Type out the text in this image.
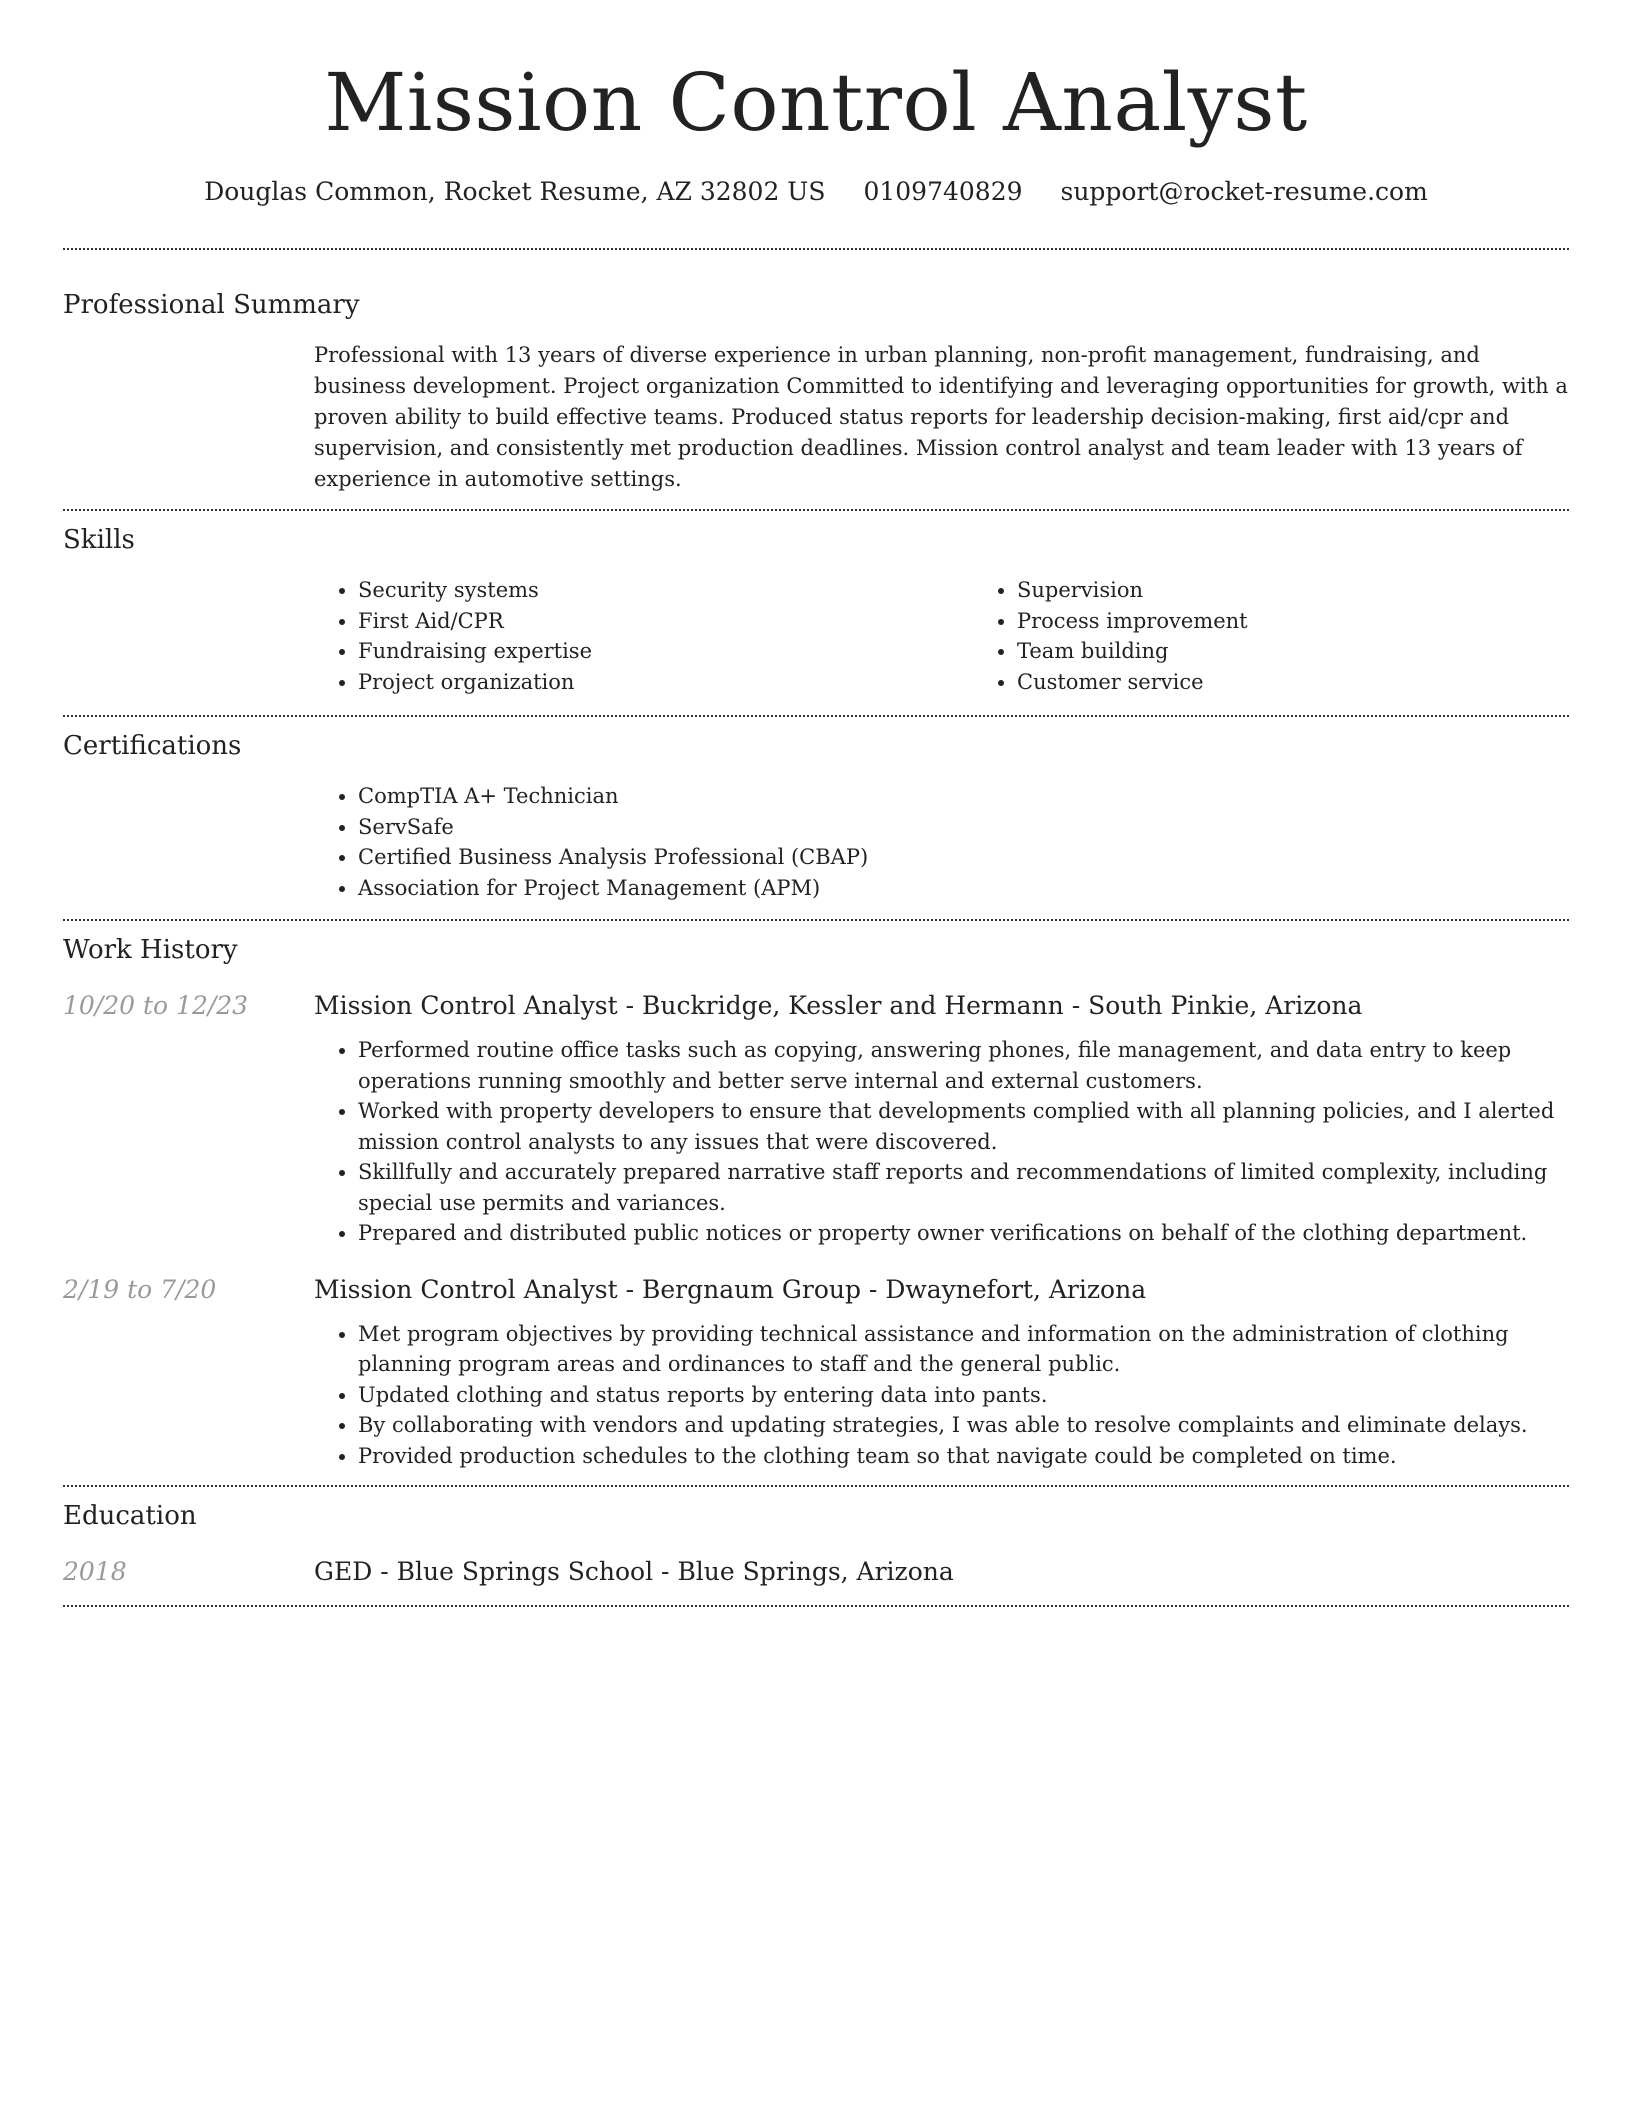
Mission Control Analyst
Douglas Common, Rocket Resume, AZ 32802 US 0109740829 support@rocket-resume.com
Professional Summary

Professional with 13 years of diverse experience in urban planning, non-profit management, fundraising, and business development. Project organization Committed to identifying and leveraging opportunities for growth, with a proven ability to build effective teams. Produced status reports for leadership decision-making, first aid/cpr and supervision, and consistently met production deadlines. Mission control analyst and team leader with 13 years of experience in automotive settings.

Skills
• Security systems
• First Aid/CPR
• Fundraising expertise
• Project organization
• Supervision
• Process improvement
• Team building
• Customer service
Certifications
• CompTIA A+ Technician
• ServSafe
• Certified Business Analysis Professional (CBAP)
• Association for Project Management (APM)
Work History
10/20 to 12/23	Mission Control Analyst - Buckridge, Kessler and Hermann - South Pinkie, Arizona
• Performed routine office tasks such as copying, answering phones, file management, and data entry to keep operations running smoothly and better serve internal and external customers.
• Worked with property developers to ensure that developments complied with all planning policies, and I alerted mission control analysts to any issues that were discovered.
• Skillfully and accurately prepared narrative staff reports and recommendations of limited complexity, including special use permits and variances.
• Prepared and distributed public notices or property owner verifications on behalf of the clothing department.
2/19 to 7/20	Mission Control Analyst - Bergnaum Group - Dwaynefort, Arizona
• Met program objectives by providing technical assistance and information on the administration of clothing planning program areas and ordinances to staff and the general public.
• Updated clothing and status reports by entering data into pants.
• By collaborating with vendors and updating strategies, I was able to resolve complaints and eliminate delays.
• Provided production schedules to the clothing team so that navigate could be completed on time.
Education
2018	GED - Blue Springs School - Blue Springs, Arizona
